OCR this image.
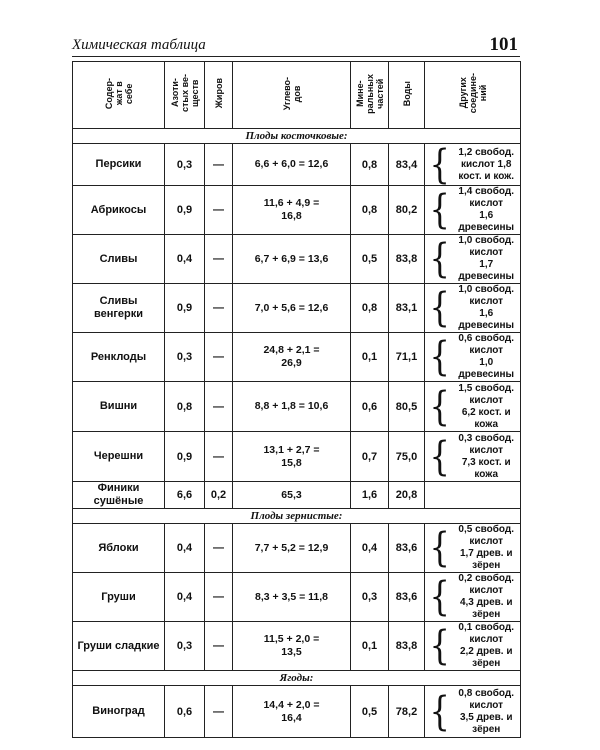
Химическая таблица	101
Содер-
жат в
себе	Азоти-
стых ве-
ществ	Жиров	Углево-
дов	Мине-
ральных
частей	Воды	Других
соедине-
ний
Плоды косточковые:						
Персики	0,3	—	6,6 + 6,0 = 12,6	0,8	83,4	{ 1,2 свобод.
кислот 1,8
кост. и кож.

Абрикосы	0,9	—	11,6 + 4,9 =
16,8	0,8	80,2	{ 1,4 свобод.
кислот
1,6 древесины

Сливы	0,4	—	6,7 + 6,9 = 13,6	0,5	83,8	{ 1,0 свобод.
кислот
1,7 древесины

Сливы
венгерки	0,9	—	7,0 + 5,6 = 12,6	0,8	83,1	{ 1,0 свобод.
кислот
1,6 древесины

Ренклоды	0,3	—	24,8 + 2,1 =
26,9	0,1	71,1	{ 0,6 свобод.
кислот
1,0 древесины

Вишни	0,8	—	8,8 + 1,8 = 10,6	0,6	80,5	{ 1,5 свобод.
кислот
6,2 кост. и
кожа

Черешни	0,9	—	13,1 + 2,7 =
15,8	0,7	75,0	{ 0,3 свобод.
кислот
7,3 кост. и
кожа

Финики
сушёные	6,6	0,2	65,3	1,6	20,8	
Плоды зернистые:						
Яблоки	0,4	—	7,7 + 5,2 = 12,9	0,4	83,6	{ 0,5 свобод.
кислот
1,7 древ. и
зёрен

Груши	0,4	—	8,3 + 3,5 = 11,8	0,3	83,6	{ 0,2 свобод.
кислот
4,3 древ. и
зёрен

Груши сладкие	0,3	—	11,5 + 2,0 =
13,5	0,1	83,8	{ 0,1 свобод.
кислот
2,2 древ. и
зёрен

Ягоды:						
Виноград	0,6	—	14,4 + 2,0 =
16,4	0,5	78,2	{ 0,8 свобод.
кислот
3,5 древ. и
зёрен
